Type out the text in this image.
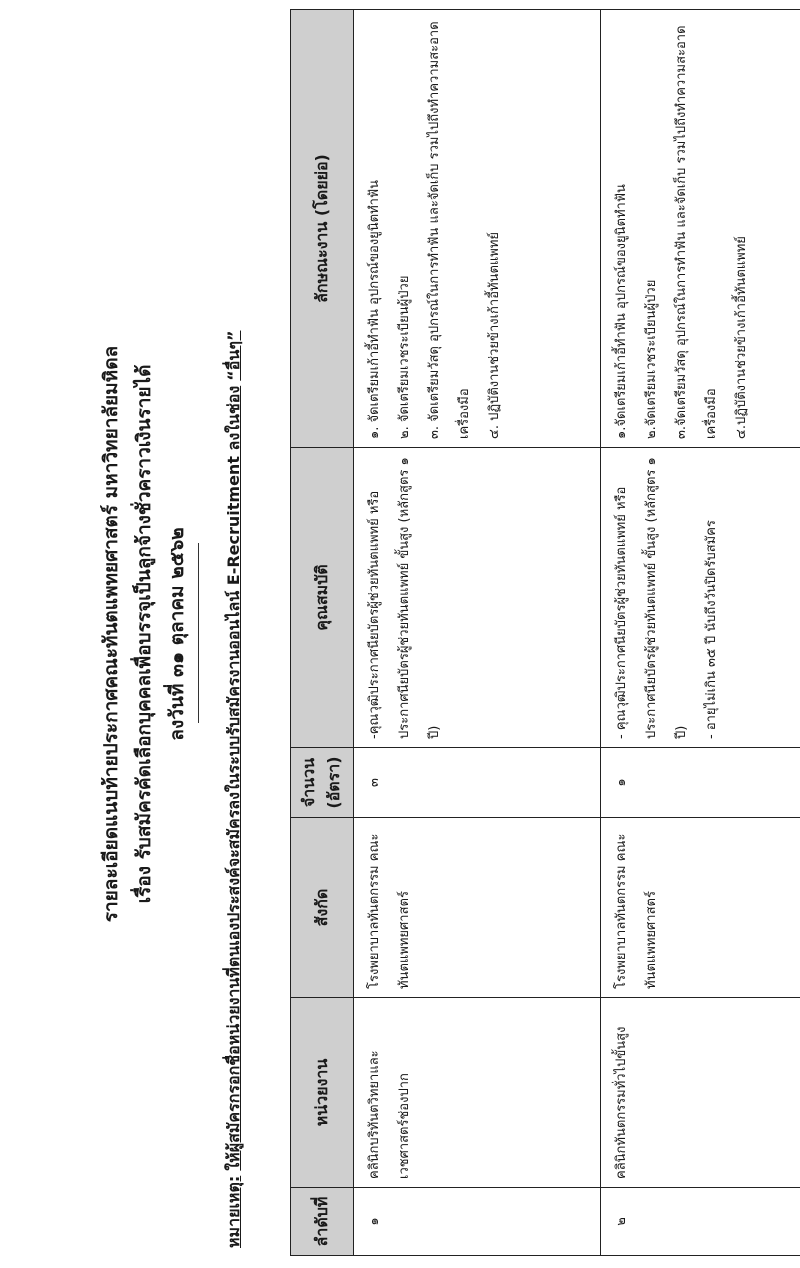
รายละเอียดแนบท้ายประกาศคณะทันตแพทยศาสตร์ มหาวิทยาลัยมหิดล เรื่อง รับสมัครคัดเลือกบุคคลเพื่อบรรจุเป็นลูกจ้างชั่วคราวเงินรายได้ ลงวันที่ ๓๑ ตุลาคม ๒๕๖๒
หมายเหตุ: ให้ผู้สมัครกรอกชื่อหน่วยงานที่ตนเองประสงค์จะสมัครลงในระบบรับสมัครงานออนไลน์ E-Recruitment ลงในช่อง “อื่นๆ”
ลำดับที่	หน่วยงาน	สังกัด	จำนวน (อัตรา)	คุณสมบัติ	ลักษณะงาน (โดยย่อ)
๑	คลินิกบริทันตวิทยาและเวชศาสตร์ช่องปาก	โรงพยาบาลทันตกรรม คณะทันตแพทยศาสตร์	๓	-คุณวุฒิประกาศนียบัตรผู้ช่วยทันตแพทย์ หรือประกาศนียบัตรผู้ช่วยทันตแพทย์ ขั้นสูง (หลักสูตร ๑ ปี)	๑. จัดเตรียมเก้าอี้ทำฟัน อุปกรณ์ของยูนิตทำฟัน ๒. จัดเตรียมเวชระเบียนผู้ป่วย ๓. จัดเตรียมวัสดุ อุปกรณ์ในการทำฟัน และจัดเก็บ รวมไปถึงทำความสะอาดเครื่องมือ ๔. ปฏิบัติงานช่วยข้างเก้าอี้ทันตแพทย์

๒	คลินิกทันตกรรมทั่วไปขั้นสูง	โรงพยาบาลทันตกรรม คณะทันตแพทยศาสตร์	๑	- คุณวุฒิประกาศนียบัตรผู้ช่วยทันตแพทย์ หรือประกาศนียบัตรผู้ช่วยทันตแพทย์ ขั้นสูง (หลักสูตร ๑ ปี) - อายุไม่เกิน ๓๕ ปี นับถึงวันปิดรับสมัคร	๑.จัดเตรียมเก้าอี้ทำฟัน อุปกรณ์ของยูนิตทำฟัน ๒.จัดเตรียมเวชระเบียนผู้ป่วย ๓.จัดเตรียมวัสดุ อุปกรณ์ในการทำฟัน และจัดเก็บ รวมไปถึงทำความสะอาดเครื่องมือ ๔.ปฏิบัติงานช่วยข้างเก้าอี้ทันตแพทย์
